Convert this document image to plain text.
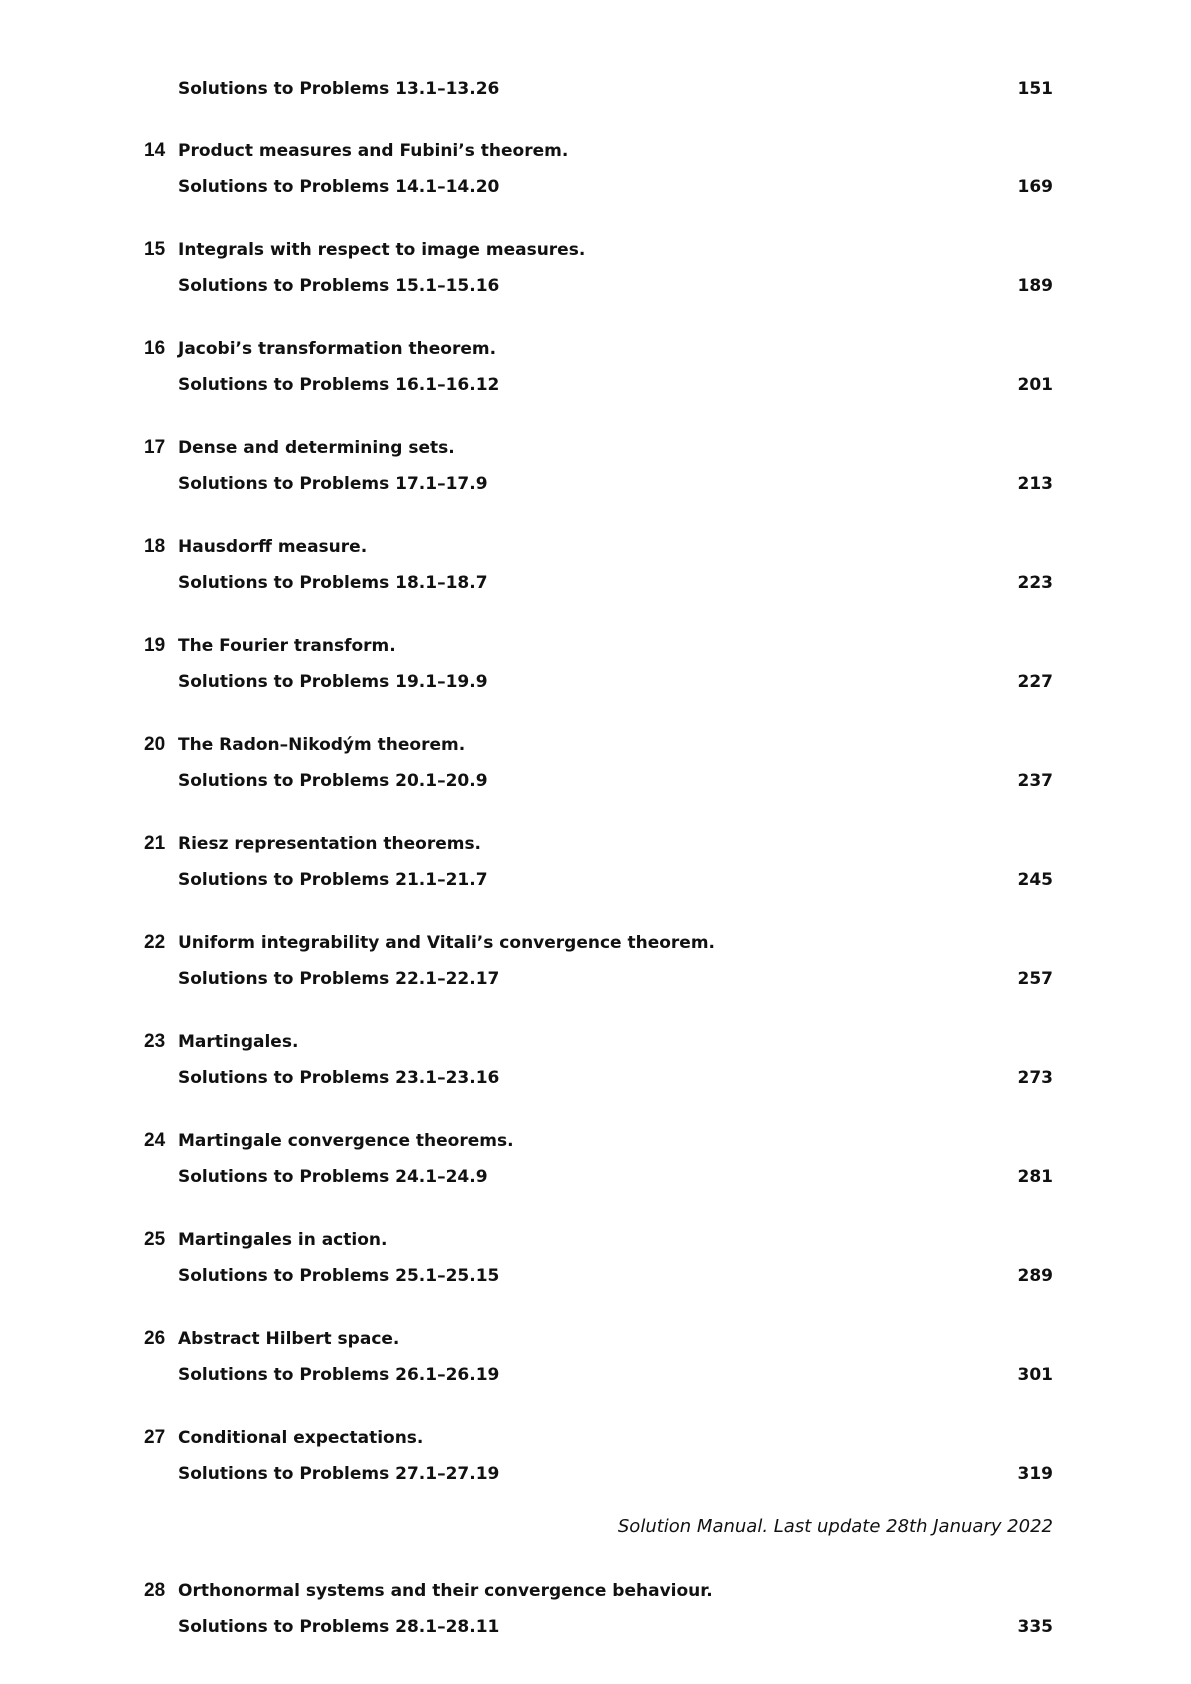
Solutions to Problems 13.1–13.26	151
14 Product measures and Fubini’s theorem.
Solutions to Problems 14.1–14.20	169
15 Integrals with respect to image measures.
Solutions to Problems 15.1–15.16	189
16 Jacobi’s transformation theorem.
Solutions to Problems 16.1–16.12	201
17 Dense and determining sets.
Solutions to Problems 17.1–17.9	213
18 Hausdorff measure.
Solutions to Problems 18.1–18.7	223
19 The Fourier transform.
Solutions to Problems 19.1–19.9	227
20 The Radon–Nikodým theorem.
Solutions to Problems 20.1–20.9	237
21 Riesz representation theorems.
Solutions to Problems 21.1–21.7	245
22 Uniform integrability and Vitali’s convergence theorem.
Solutions to Problems 22.1–22.17	257
23 Martingales.
Solutions to Problems 23.1–23.16	273
24 Martingale convergence theorems.
Solutions to Problems 24.1–24.9	281
25 Martingales in action.
Solutions to Problems 25.1–25.15	289
26 Abstract Hilbert space.
Solutions to Problems 26.1–26.19	301
27 Conditional expectations.
Solutions to Problems 27.1–27.19	319
Solution Manual. Last update 28th January 2022
28 Orthonormal systems and their convergence behaviour.
Solutions to Problems 28.1–28.11	335
